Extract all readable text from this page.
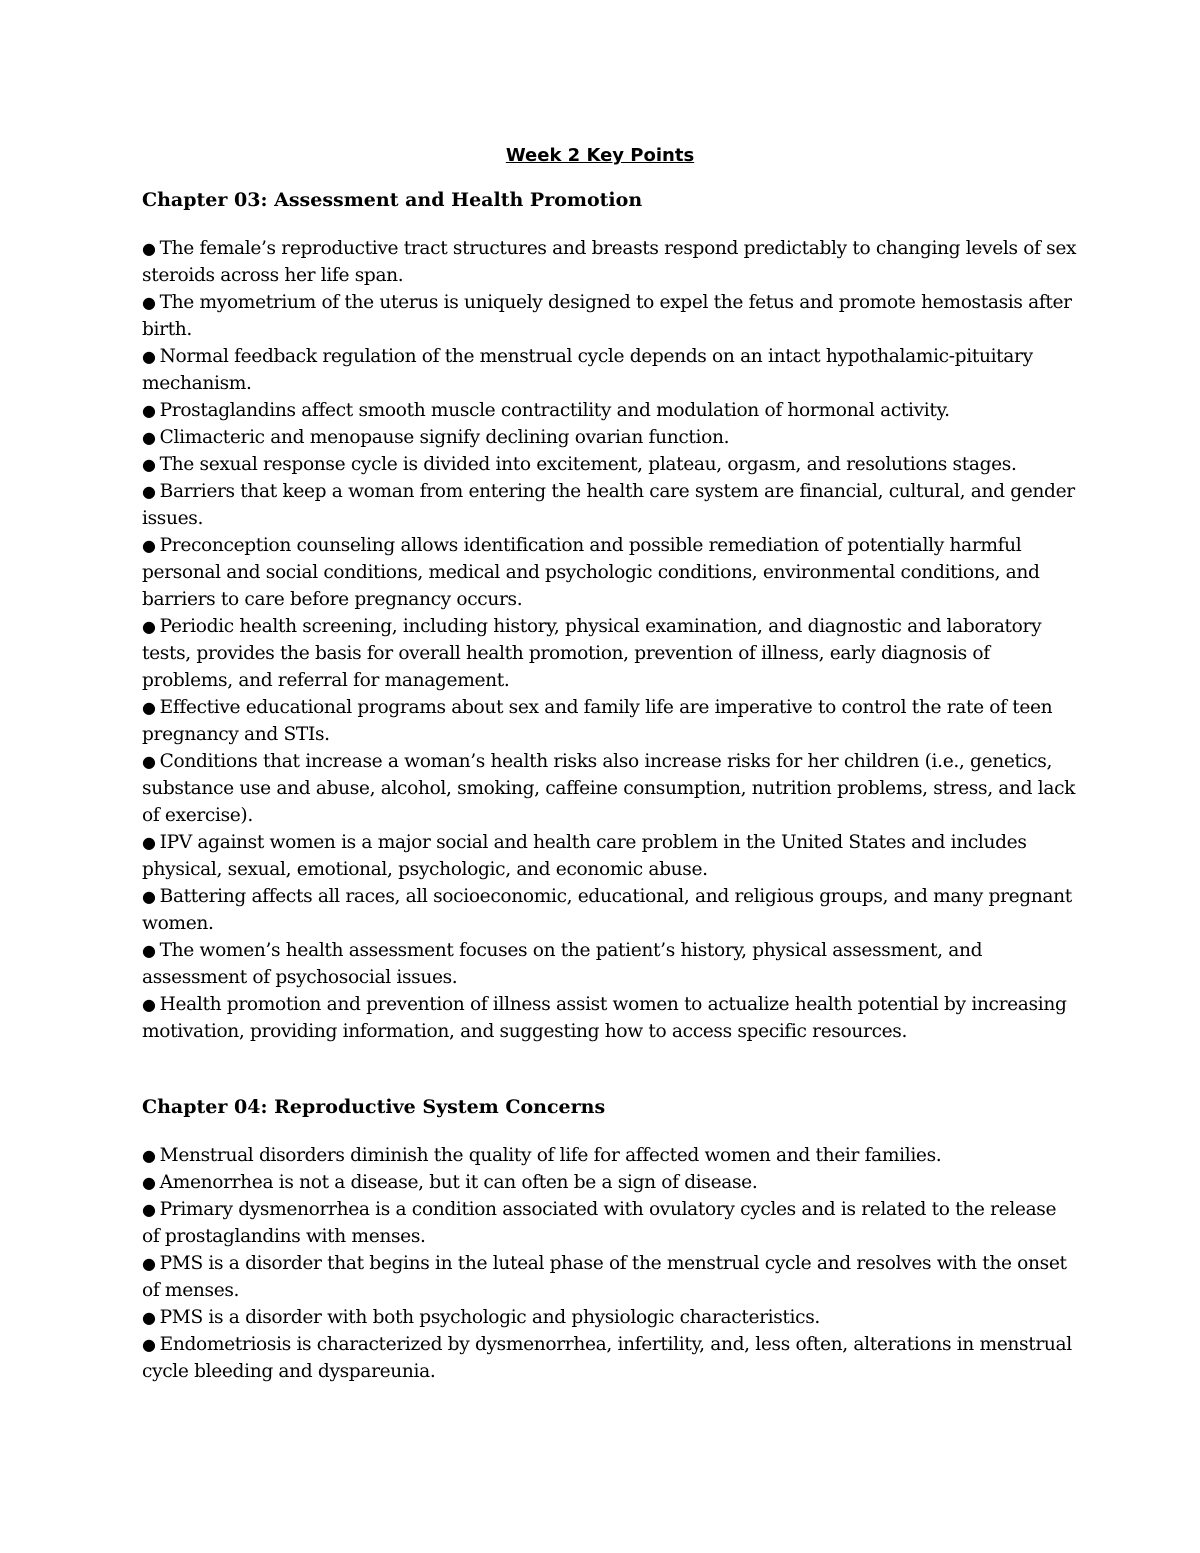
Week 2 Key Points
Chapter 03: Assessment and Health Promotion
● The female’s reproductive tract structures and breasts respond predictably to changing levels of sex steroids across her life span.
● The myometrium of the uterus is uniquely designed to expel the fetus and promote hemostasis after birth.
● Normal feedback regulation of the menstrual cycle depends on an intact hypothalamic-pituitary mechanism.
● Prostaglandins affect smooth muscle contractility and modulation of hormonal activity.
● Climacteric and menopause signify declining ovarian function.
● The sexual response cycle is divided into excitement, plateau, orgasm, and resolutions stages.
● Barriers that keep a woman from entering the health care system are financial, cultural, and gender issues.
● Preconception counseling allows identification and possible remediation of potentially harmful personal and social conditions, medical and psychologic conditions, environmental conditions, and barriers to care before pregnancy occurs.
● Periodic health screening, including history, physical examination, and diagnostic and laboratory tests, provides the basis for overall health promotion, prevention of illness, early diagnosis of problems, and referral for management.
● Effective educational programs about sex and family life are imperative to control the rate of teen pregnancy and STIs.
● Conditions that increase a woman’s health risks also increase risks for her children (i.e., genetics, substance use and abuse, alcohol, smoking, caffeine consumption, nutrition problems, stress, and lack of exercise).
● IPV against women is a major social and health care problem in the United States and includes physical, sexual, emotional, psychologic, and economic abuse.
● Battering affects all races, all socioeconomic, educational, and religious groups, and many pregnant women.
● The women’s health assessment focuses on the patient’s history, physical assessment, and assessment of psychosocial issues.
● Health promotion and prevention of illness assist women to actualize health potential by increasing motivation, providing information, and suggesting how to access specific resources.
Chapter 04: Reproductive System Concerns
● Menstrual disorders diminish the quality of life for affected women and their families.
● Amenorrhea is not a disease, but it can often be a sign of disease.
● Primary dysmenorrhea is a condition associated with ovulatory cycles and is related to the release of prostaglandins with menses.
● PMS is a disorder that begins in the luteal phase of the menstrual cycle and resolves with the onset of menses.
● PMS is a disorder with both psychologic and physiologic characteristics.
● Endometriosis is characterized by dysmenorrhea, infertility, and, less often, alterations in menstrual cycle bleeding and dyspareunia.
